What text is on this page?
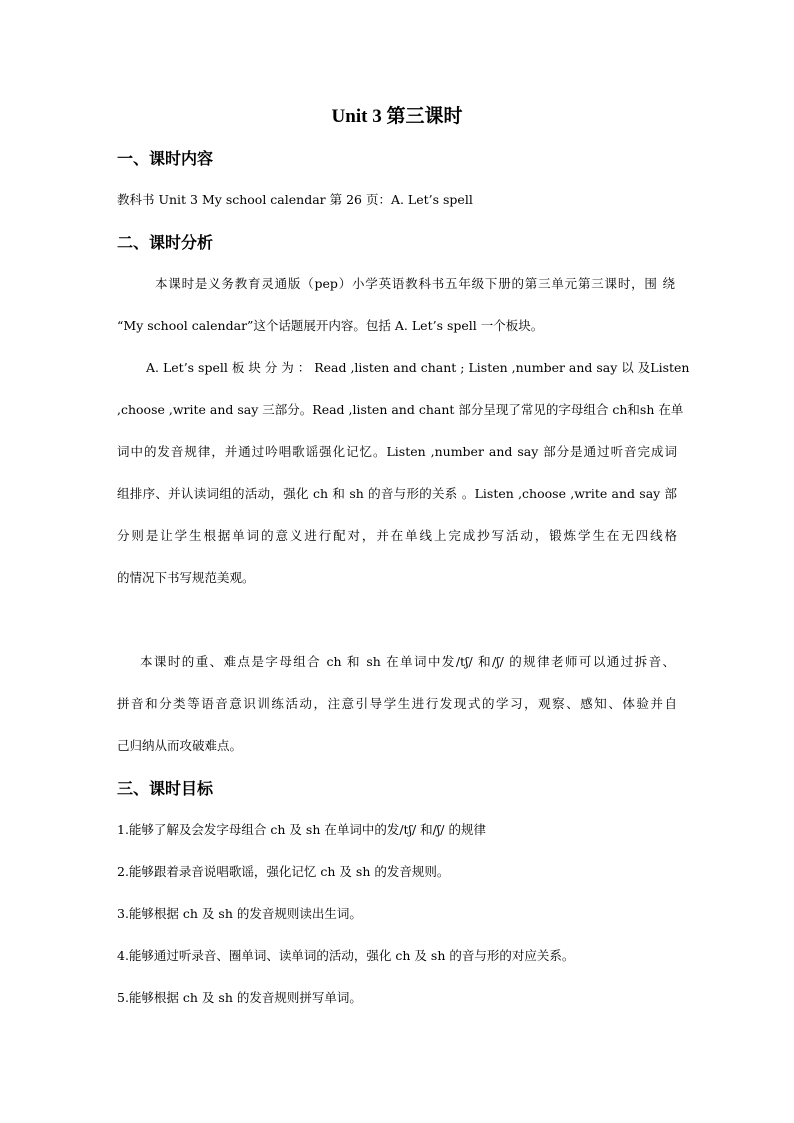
Unit 3 第三课时
一、课时内容
教科书 Unit 3 My school calendar 第 26 页：A. Let’s spell
二、课时分析
本课时是义务教育灵通版（pep）小学英语教科书五年级下册的第三单元第三课时，围 绕
“My school calendar”这个话题展开内容。包括 A. Let’s spell 一个板块。
A. Let’s spell 板 块 分 为 ： Read ,listen and chant ; Listen ,number and say 以 及Listen
,choose ,write and say 三部分。Read ,listen and chant 部分呈现了常见的字母组合 ch和sh 在单
词中的发音规律，并通过吟唱歌谣强化记忆。Listen ,number and say 部分是通过听音完成词
组排序、并认读词组的活动，强化 ch 和 sh 的音与形的关系 。Listen ,choose ,write and say 部
分则是让学生根据单词的意义进行配对，并在单线上完成抄写活动，锻炼学生在无四线格
的情况下书写规范美观。
本课时的重、难点是字母组合 ch 和 sh 在单词中发/tʃ/ 和/ʃ/ 的规律老师可以通过拆音、
拼音和分类等语音意识训练活动，注意引导学生进行发现式的学习，观察、感知、体验并自
己归纳从而攻破难点。
三、课时目标
1.能够了解及会发字母组合 ch 及 sh 在单词中的发/tʃ/ 和/ʃ/ 的规律
2.能够跟着录音说唱歌谣，强化记忆 ch 及 sh 的发音规则。
3.能够根据 ch 及 sh 的发音规则读出生词。
4.能够通过听录音、圈单词、读单词的活动，强化 ch 及 sh 的音与形的对应关系。
5.能够根据 ch 及 sh 的发音规则拼写单词。
